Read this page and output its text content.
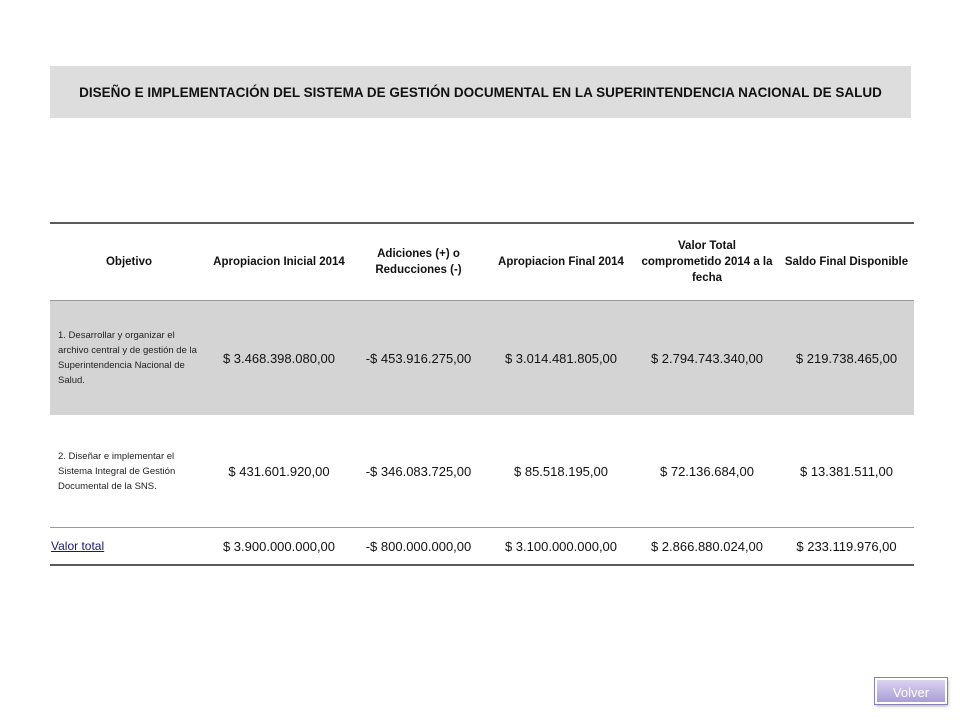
DISEÑO E IMPLEMENTACIÓN DEL SISTEMA DE GESTIÓN DOCUMENTAL EN LA SUPERINTENDENCIA NACIONAL DE SALUD
Objetivo	Apropiacion Inicial 2014	Adiciones (+) o Reducciones (-)	Apropiacion Final 2014	Valor Total comprometido 2014 a la fecha	Saldo Final Disponible
1. Desarrollar y organizar el archivo central y de gestión de la Superintendencia Nacional de Salud.	$ 3.468.398.080,00	-$ 453.916.275,00	$ 3.014.481.805,00	$ 2.794.743.340,00	$ 219.738.465,00
2. Diseñar e implementar el Sistema Integral de Gestión Documental de la SNS.	$ 431.601.920,00	-$ 346.083.725,00	$ 85.518.195,00	$ 72.136.684,00	$ 13.381.511,00
Valor total	$ 3.900.000.000,00	-$ 800.000.000,00	$ 3.100.000.000,00	$ 2.866.880.024,00	$ 233.119.976,00
Volver
